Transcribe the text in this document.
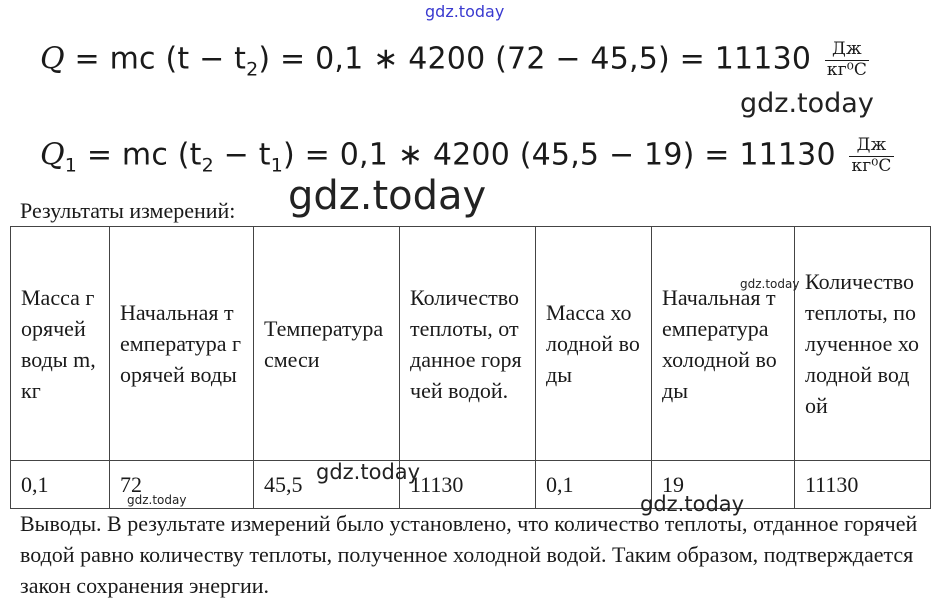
gdz.today
Q = mc $(t - t_2) = 0,1$ ∗ 4200 $(72 - 45,5) = 11130 \frac{Дж}{\text{кг⁰С}}$
gdz.today
$Q_1$ = mc $(t_2 - t_1) = 0,1$ ∗ 4200 $(45,5 - 19) = 11130 \frac{Дж}{\text{кг⁰С}}$
Результаты измерений: gdz.today
Масса горячей воды m, кг	Начальная температура горячей воды	Температура смеси	Количество теплоты, отданное горячей водой.	Масса холодной воды	Начальная температура холодной воды	Количество теплоты, полученное холодной водой
0,1	72	45,5	11130	0,1	19	11130
gdz.today
gdz.today
gdz.today	gdz.today
Выводы. В результате измерений было установлено, что количество теплоты, отданное горячей водой равно количеству теплоты, полученное холодной водой. Таким образом, подтверждается закон сохранения энергии.
